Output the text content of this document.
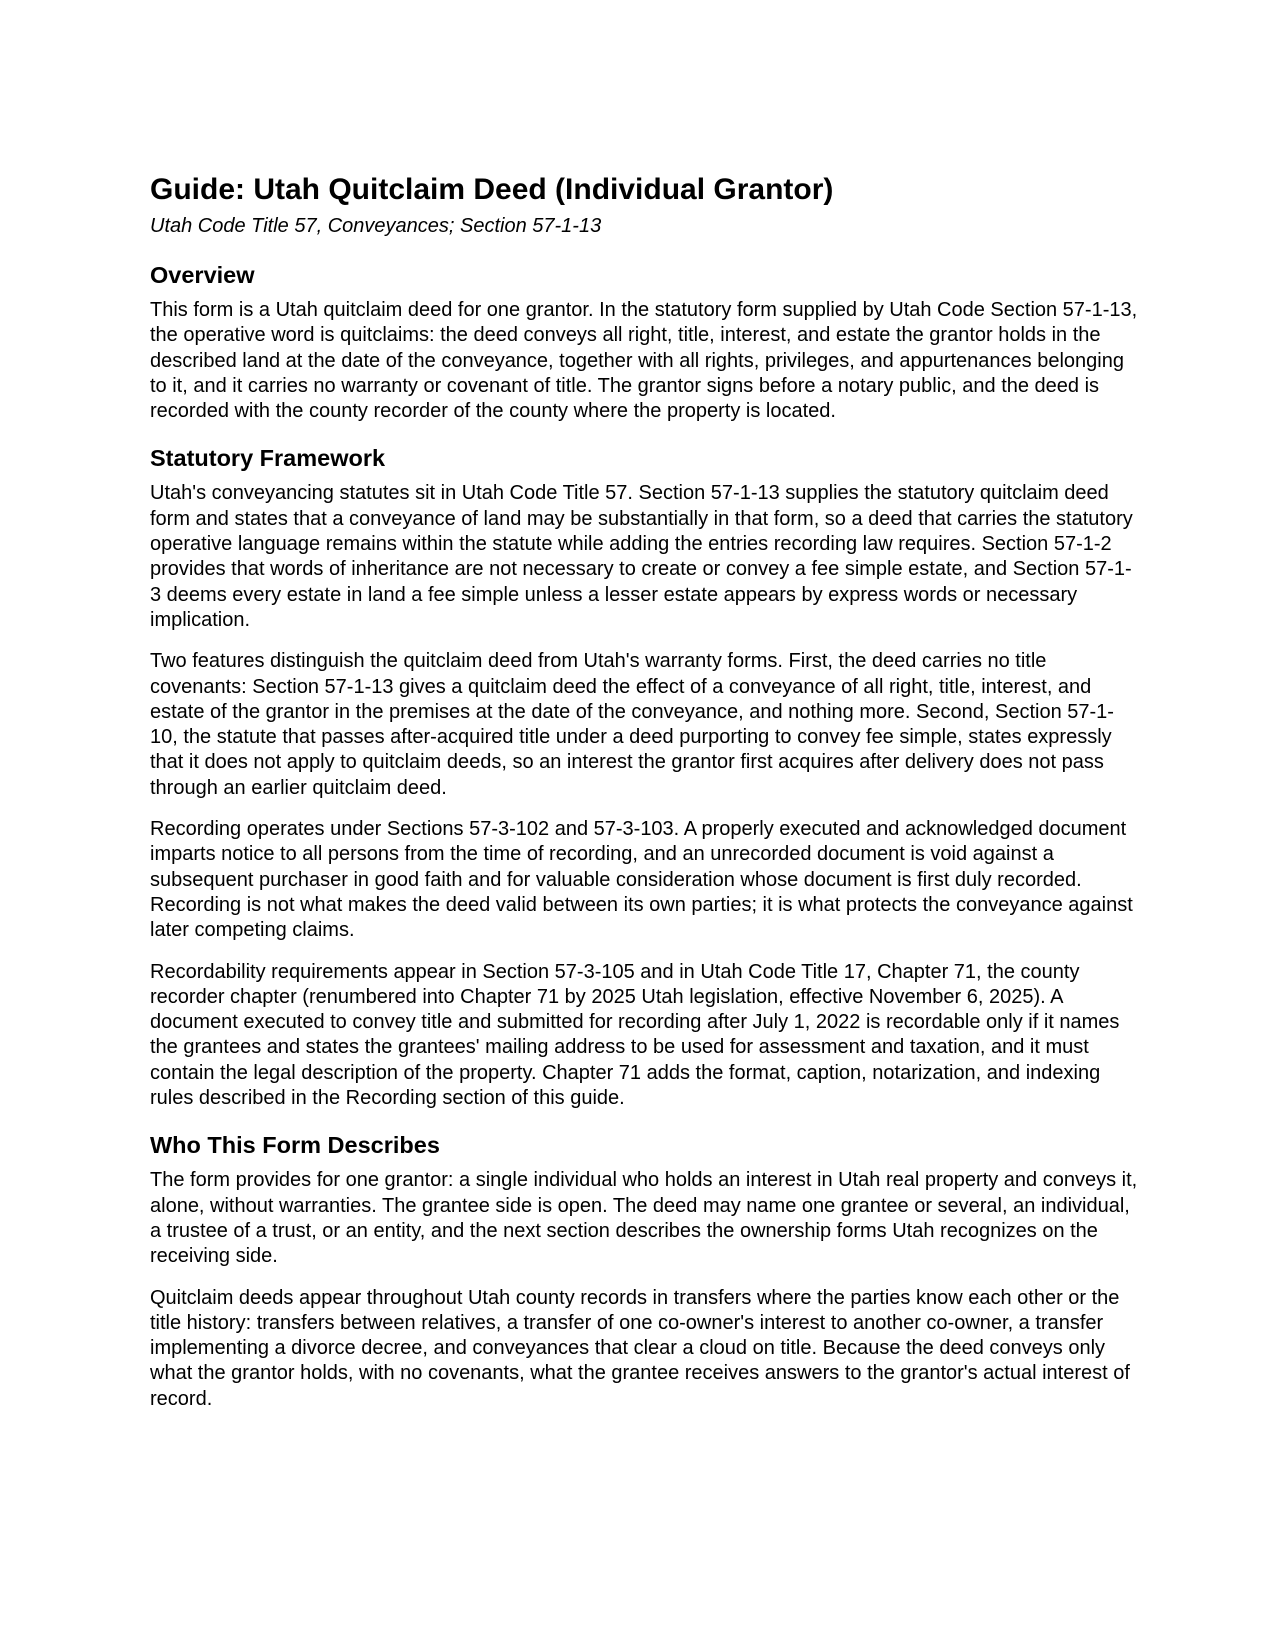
Guide: Utah Quitclaim Deed (Individual Grantor)
Utah Code Title 57, Conveyances; Section 57-1-13
Overview

This form is a Utah quitclaim deed for one grantor. In the statutory form supplied by Utah Code Section 57-1-13, the operative word is quitclaims: the deed conveys all right, title, interest, and estate the grantor holds in the described land at the date of the conveyance, together with all rights, privileges, and appurtenances belonging to it, and it carries no warranty or covenant of title. The grantor signs before a notary public, and the deed is recorded with the county recorder of the county where the property is located.

Statutory Framework

Utah's conveyancing statutes sit in Utah Code Title 57. Section 57-1-13 supplies the statutory quitclaim deed form and states that a conveyance of land may be substantially in that form, so a deed that carries the statutory operative language remains within the statute while adding the entries recording law requires. Section 57-1-2 provides that words of inheritance are not necessary to create or convey a fee simple estate, and Section 57-1-3 deems every estate in land a fee simple unless a lesser estate appears by express words or necessary implication.

Two features distinguish the quitclaim deed from Utah's warranty forms. First, the deed carries no title covenants: Section 57-1-13 gives a quitclaim deed the effect of a conveyance of all right, title, interest, and estate of the grantor in the premises at the date of the conveyance, and nothing more. Second, Section 57-1-10, the statute that passes after-acquired title under a deed purporting to convey fee simple, states expressly that it does not apply to quitclaim deeds, so an interest the grantor first acquires after delivery does not pass through an earlier quitclaim deed.

Recording operates under Sections 57-3-102 and 57-3-103. A properly executed and acknowledged document imparts notice to all persons from the time of recording, and an unrecorded document is void against a subsequent purchaser in good faith and for valuable consideration whose document is first duly recorded. Recording is not what makes the deed valid between its own parties; it is what protects the conveyance against later competing claims.

Recordability requirements appear in Section 57-3-105 and in Utah Code Title 17, Chapter 71, the county recorder chapter (renumbered into Chapter 71 by 2025 Utah legislation, effective November 6, 2025). A document executed to convey title and submitted for recording after July 1, 2022 is recordable only if it names the grantees and states the grantees' mailing address to be used for assessment and taxation, and it must contain the legal description of the property. Chapter 71 adds the format, caption, notarization, and indexing rules described in the Recording section of this guide.

Who This Form Describes

The form provides for one grantor: a single individual who holds an interest in Utah real property and conveys it, alone, without warranties. The grantee side is open. The deed may name one grantee or several, an individual, a trustee of a trust, or an entity, and the next section describes the ownership forms Utah recognizes on the receiving side.

Quitclaim deeds appear throughout Utah county records in transfers where the parties know each other or the title history: transfers between relatives, a transfer of one co-owner's interest to another co-owner, a transfer implementing a divorce decree, and conveyances that clear a cloud on title. Because the deed conveys only what the grantor holds, with no covenants, what the grantee receives answers to the grantor's actual interest of record.
